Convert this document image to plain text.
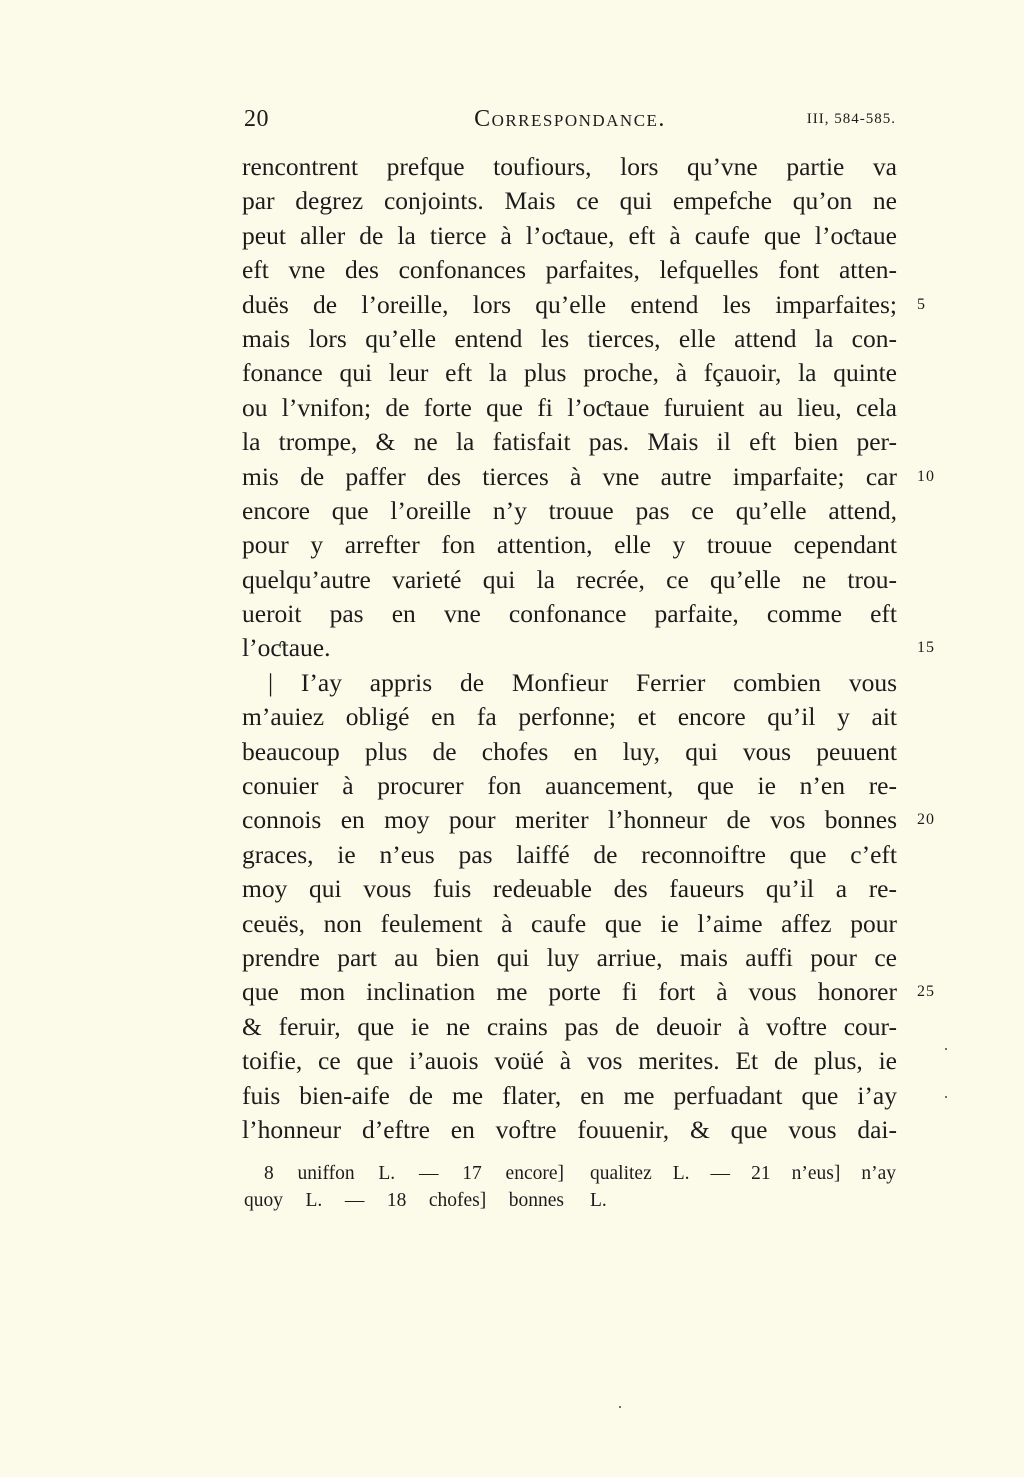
20	Correspondance.	III, 584-585.
rencontrent prefque toufiours, lors qu’vne partie va
par degrez conjoints. Mais ce qui empefche qu’on ne
peut aller de la tierce à l’oƈtaue, eft à caufe que l’oƈtaue
eft vne des confonances parfaites, lefquelles font atten-
duës de l’oreille, lors qu’elle entend les imparfaites; 5
mais lors qu’elle entend les tierces, elle attend la con-
fonance qui leur eft la plus proche, à fçauoir, la quinte
ou l’vnifon; de forte que fi l’oƈtaue furuient au lieu, cela
la trompe, & ne la fatisfait pas. Mais il eft bien per-
mis de paffer des tierces à vne autre imparfaite; car 10
encore que l’oreille n’y trouue pas ce qu’elle attend,
pour y arrefter fon attention, elle y trouue cependant
quelqu’autre varieté qui la recrée, ce qu’elle ne trou-
ueroit pas en vne confonance parfaite, comme eft
l’oƈtaue.	15
| I’ay appris de Monfieur Ferrier combien vous
m’auiez obligé en fa perfonne; et encore qu’il y ait
beaucoup plus de chofes en luy, qui vous peuuent
conuier à procurer fon auancement, que ie n’en re-
connois en moy pour meriter l’honneur de vos bonnes 20
graces, ie n’eus pas laiffé de reconnoiftre que c’eft
moy qui vous fuis redeuable des faueurs qu’il a re-
ceuës, non feulement à caufe que ie l’aime affez pour
prendre part au bien qui luy arriue, mais auffi pour ce
que mon inclination me porte fi fort à vous honorer 25
& feruir, que ie ne crains pas de deuoir à voftre cour-
toifie, ce que i’auois voüé à vos merites. Et de plus, ie
fuis bien-aife de me flater, en me perfuadant que i’ay
l’honneur d’eftre en voftre fouuenir, & que vous dai-
8 uniffon L. — 17 encore]
quoy L. — 18 chofes] bonnes
qualitez L. — 21 n’eus] n’ay
L.
